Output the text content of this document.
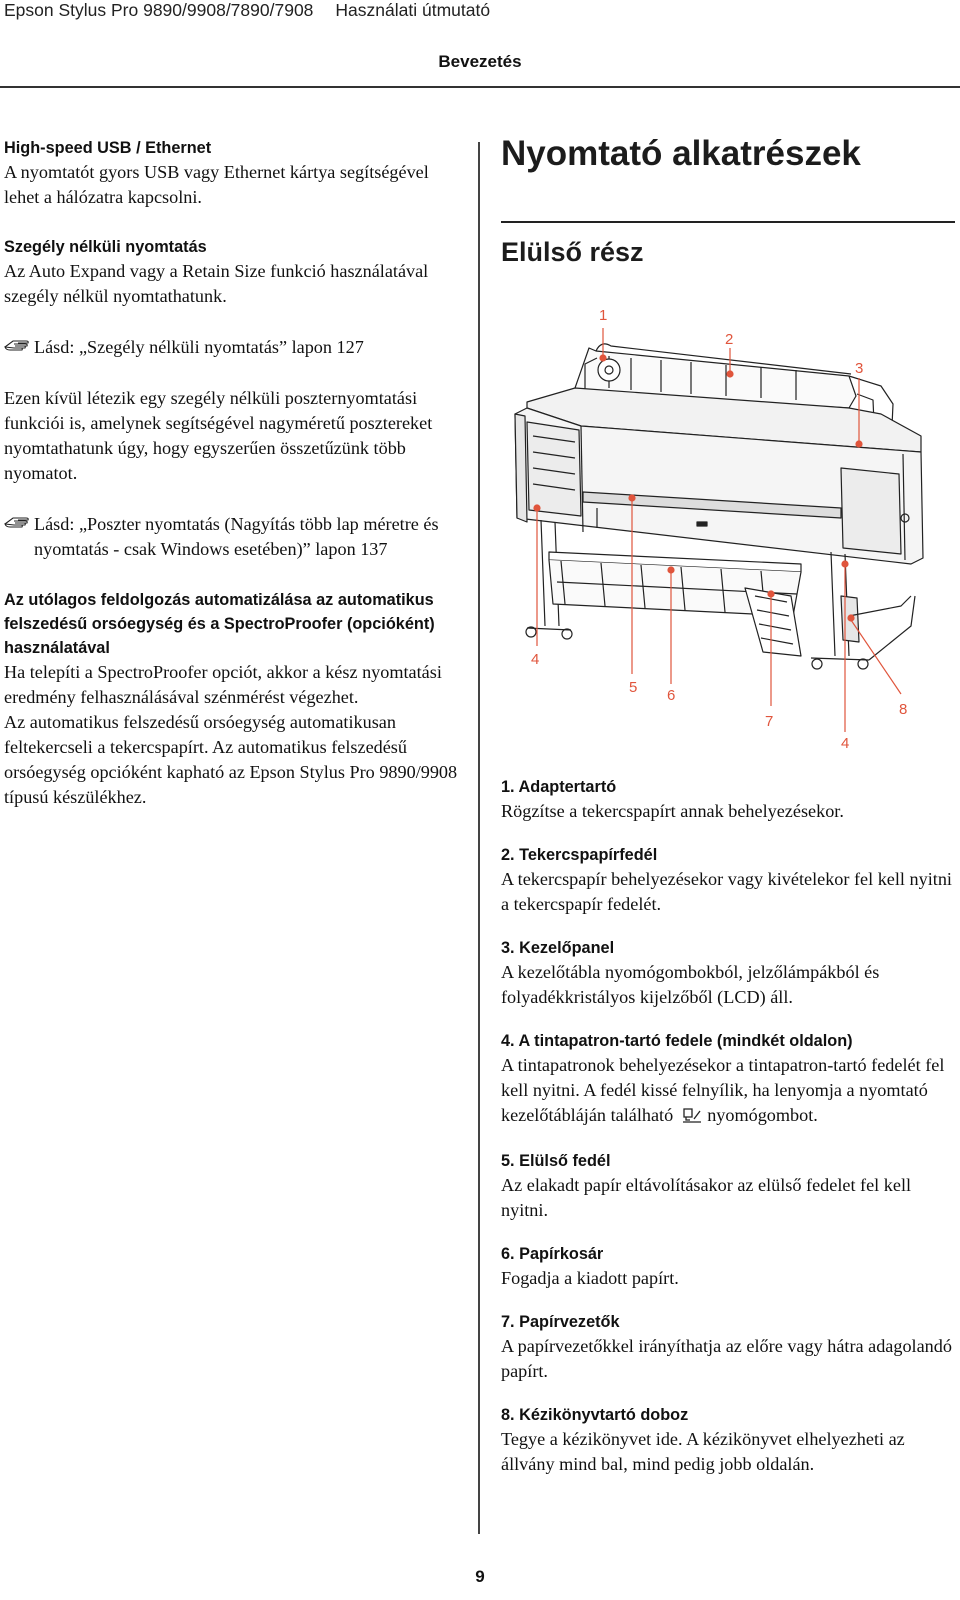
Epson Stylus Pro 9890/9908/7890/7908 Használati útmutató
Bevezetés

High-speed USB / Ethernet

A nyomtatót gyors USB vagy Ethernet kártya segítségével lehet a hálózatra kapcsolni.

Szegély nélküli nyomtatás

Az Auto Expand vagy a Retain Size funkció használatával szegély nélkül nyomtathatunk.

Lásd: „Szegély nélküli nyomtatás” lapon 127

Ezen kívül létezik egy szegély nélküli poszternyomtatási funkciói is, amelynek segítségével nagyméretű posztereket nyomtathatunk úgy, hogy egyszerűen összetűzünk több nyomatot.

Lásd: „Poszter nyomtatás (Nagyítás több lap méretre és nyomtatás - csak Windows esetében)” lapon 137

Az utólagos feldolgozás automatizálása az automatikus felszedésű orsóegység és a SpectroProofer (opcióként) használatával

Ha telepíti a SpectroProofer opciót, akkor a kész nyomtatási eredmény felhasználásával szénmérést végezhet.

Az automatikus felszedésű orsóegység automatikusan feltekercseli a tekercspapírt. Az automatikus felszedésű orsóegység opcióként kapható az Epson Stylus Pro 9890/9908 típusú készülékhez.

Nyomtató alkatrészek
Elülső rész
1
2
3
4
5 6
7
4
8

1. Adaptertartó

Rögzítse a tekercspapírt annak behelyezésekor.

2. Tekercspapírfedél

A tekercspapír behelyezésekor vagy kivételekor fel kell nyitni a tekercspapír fedelét.

3. Kezelőpanel

A kezelőtábla nyomógombokból, jelzőlámpákból és folyadékkristályos kijelzőből (LCD) áll.

4. A tintapatron-tartó fedele (mindkét oldalon)

A tintapatronok behelyezésekor a tintapatron-tartó fedelét fel kell nyitni. A fedél kissé felnyílik, ha lenyomja a nyomtató kezelőtábláján található nyomógombot.

5. Elülső fedél

Az elakadt papír eltávolításakor az elülső fedelet fel kell nyitni.

6. Papírkosár

Fogadja a kiadott papírt.

7. Papírvezetők

A papírvezetőkkel irányíthatja az előre vagy hátra adagolandó papírt.

8. Kézikönyvtartó doboz

Tegye a kézikönyvet ide. A kézikönyvet elhelyezheti az állvány mind bal, mind pedig jobb oldalán.

9
